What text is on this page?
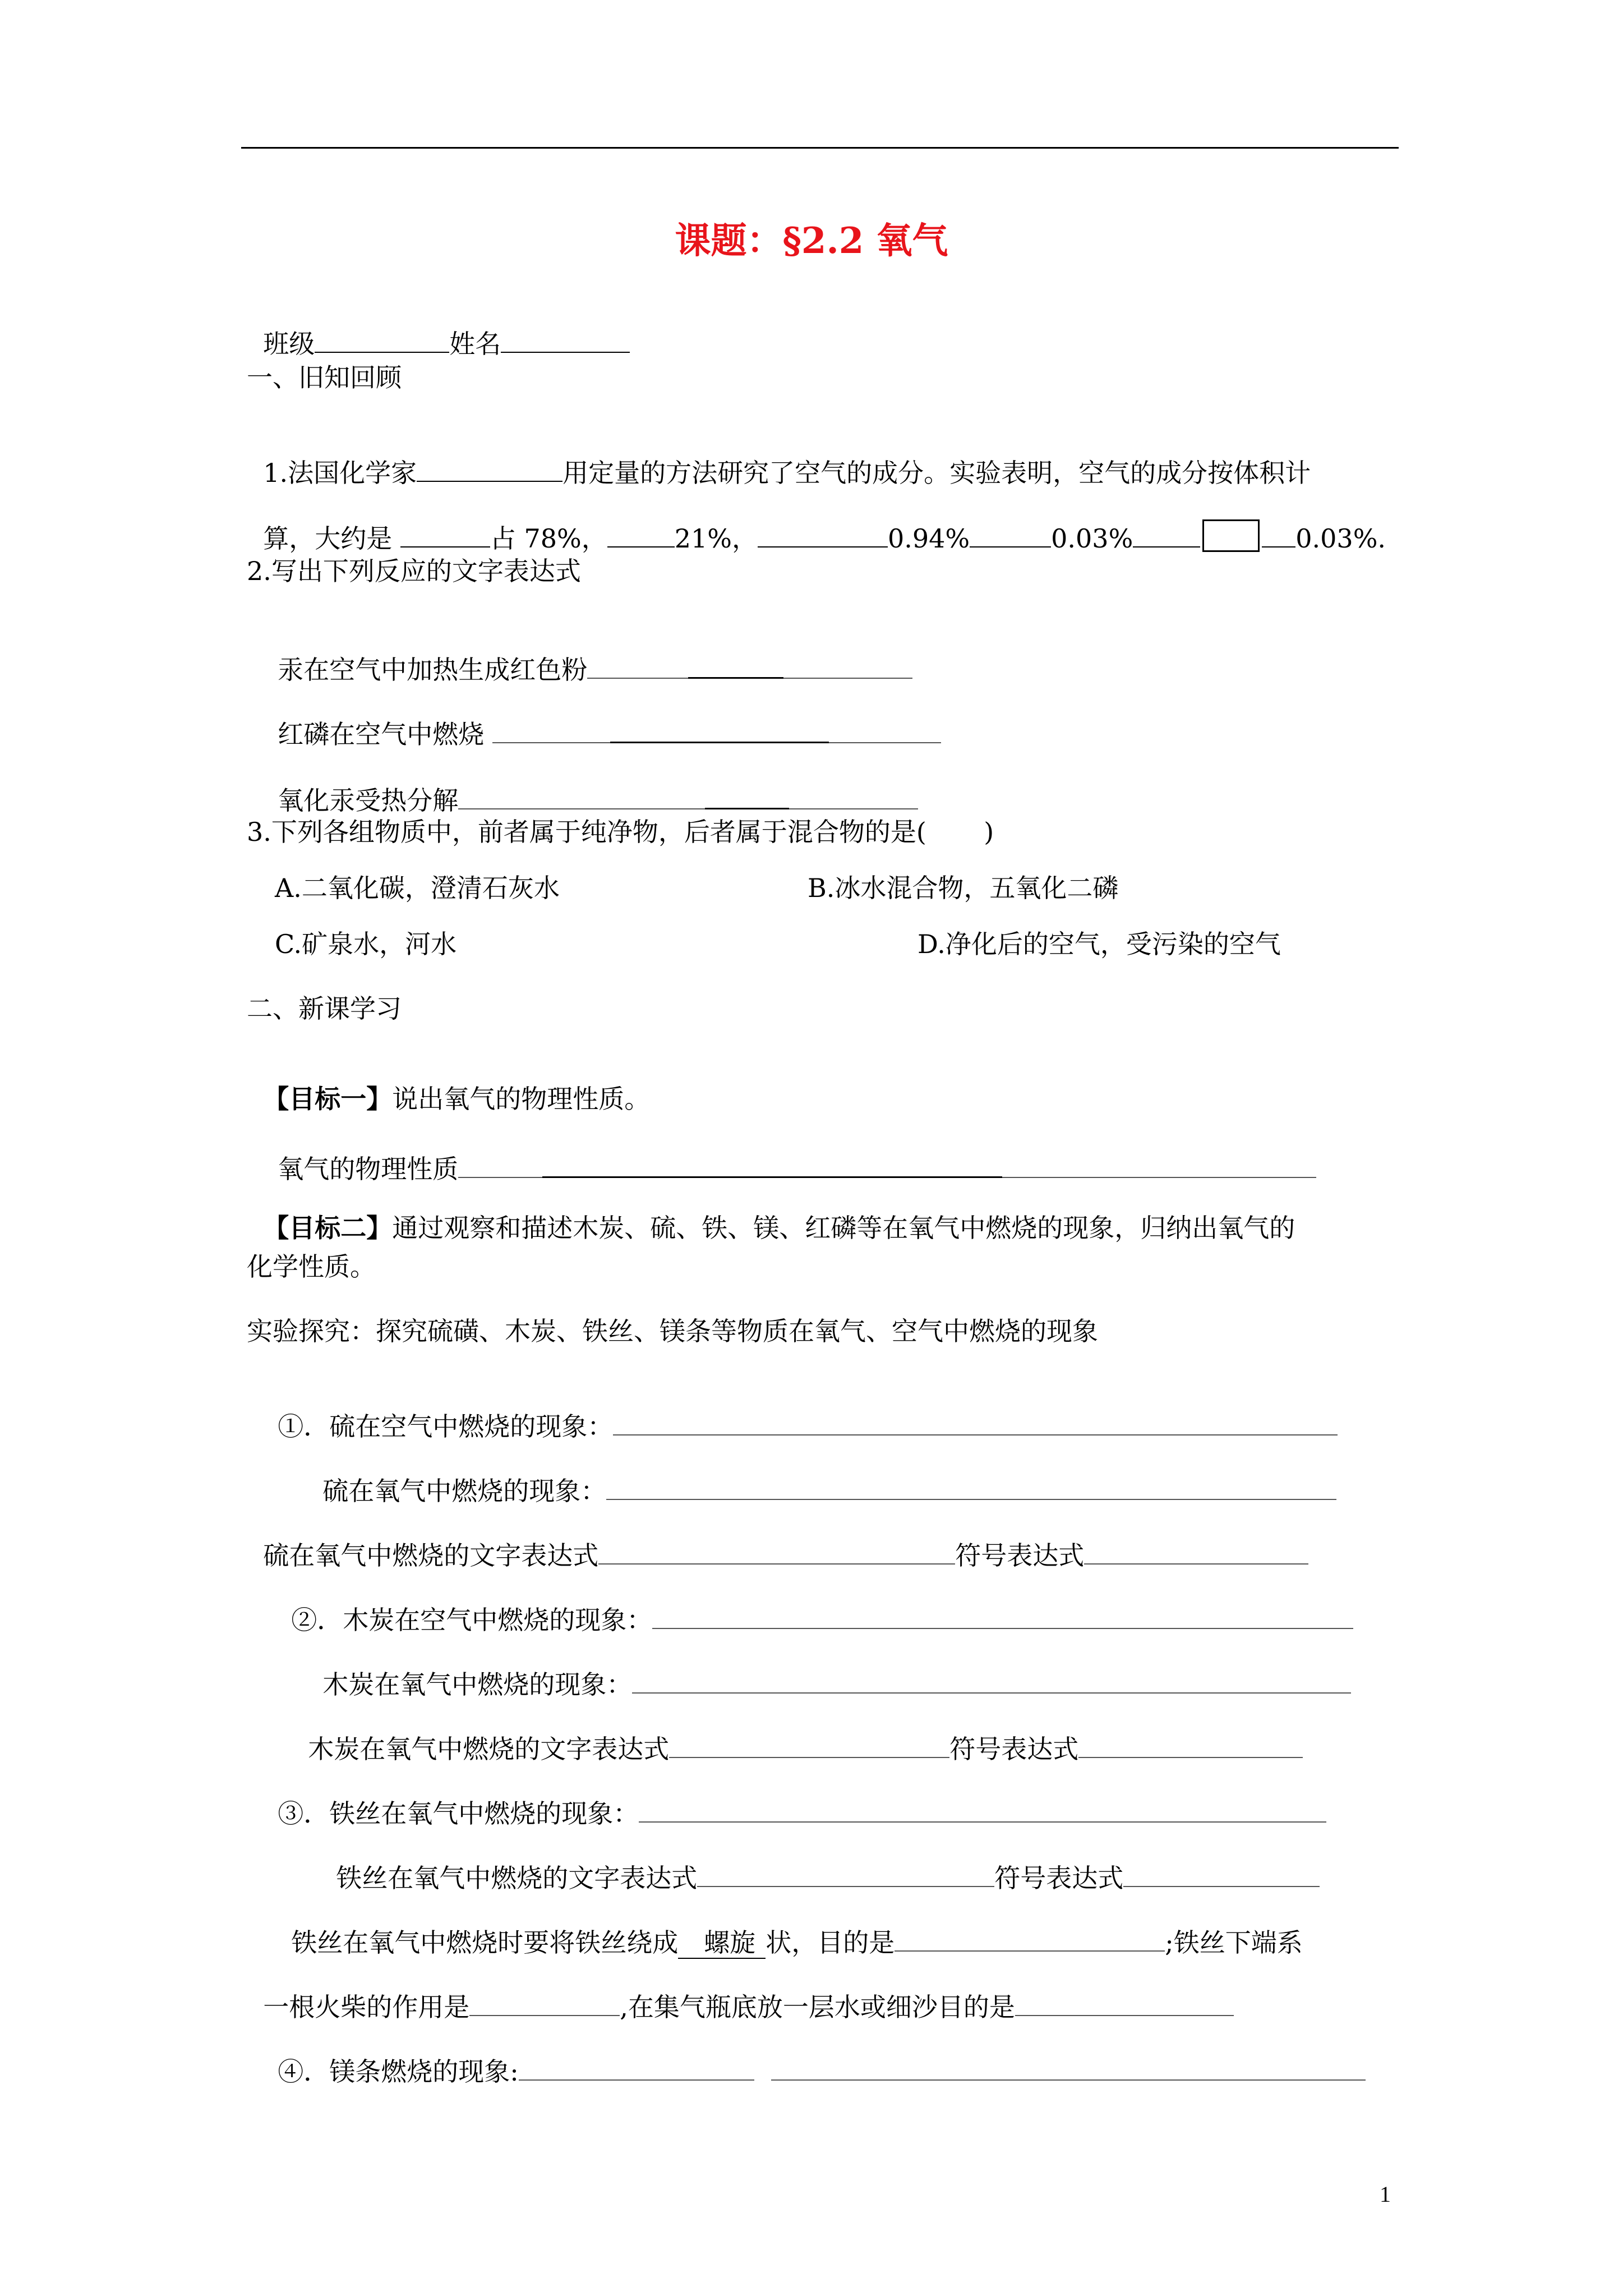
课题：§2.2 氧气

班级	姓名

一、旧知回顾

1.法国化学家	用定量的方法研究了空气的成分。实验表明，空气的成分按体积计

算，大约是	占 78%，	21%，	0.94%	0.03%	0.03%.

2.写出下列反应的文字表达式

汞在空气中加热生成红色粉

红磷在空气中燃烧

氧化汞受热分解

3.下列各组物质中，前者属于纯净物，后者属于混合物的是(       )
A.二氧化碳，澄清石灰水	B.冰水混合物，五氧化二磷
C.矿泉水，河水	D.净化后的空气，受污染的空气
二、新课学习

【目标一】说出氧气的物理性质。

氧气的物理性质

【目标二】通过观察和描述木炭、硫、铁、镁、红磷等在氧气中燃烧的现象，归纳出氧气的

化学性质。
实验探究：探究硫磺、木炭、铁丝、镁条等物质在氧气、空气中燃烧的现象

①．硫在空气中燃烧的现象：

硫在氧气中燃烧的现象：

硫在氧气中燃烧的文字表达式	符号表达式

②．木炭在空气中燃烧的现象：

木炭在氧气中燃烧的现象：

木炭在氧气中燃烧的文字表达式	符号表达式

③．铁丝在氧气中燃烧的现象：

铁丝在氧气中燃烧的文字表达式	符号表达式

铁丝在氧气中燃烧时要将铁丝绕成 螺旋 状，目的是	;铁丝下端系

一根火柴的作用是	,在集气瓶底放一层水或细沙目的是

④．镁条燃烧的现象:

1
